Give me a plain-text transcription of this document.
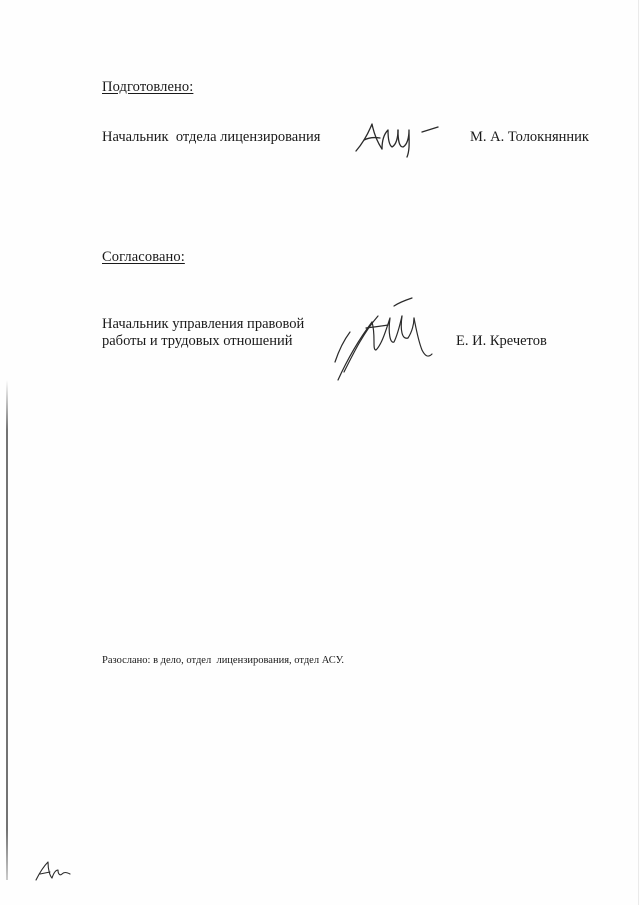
Подготовлено:
Начальник  отдела лицензирования
Тлу
М. А. Толокнянник
Согласовано:
Начальник управления правовой
работы и трудовых отношений	Е. И. Кречетов
Разослано: в дело, отдел  лицензирования, отдел АСУ.
